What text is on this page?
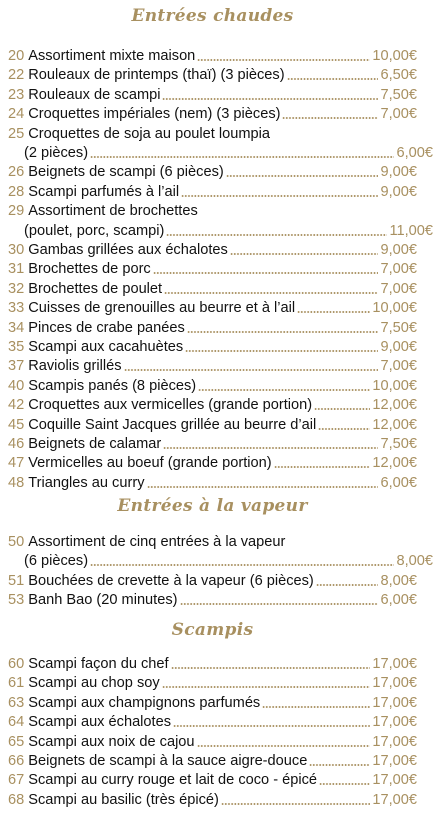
Entrées chaudes
20 Assortiment mixte maison	10,00€
22 Rouleaux de printemps (thaï) (3 pièces)	6,50€
23 Rouleaux de scampi	7,50€
24 Croquettes impériales (nem) (3 pièces)	7,00€
25 Croquettes de soja au poulet loumpia
(2 pièces)	6,00€
26 Beignets de scampi (6 pièces)	9,00€
28 Scampi parfumés à l’ail	9,00€
29 Assortiment de brochettes
(poulet, porc, scampi)	11,00€
30 Gambas grillées aux échalotes	9,00€
31 Brochettes de porc	7,00€
32 Brochettes de poulet	7,00€
33 Cuisses de grenouilles au beurre et à l’ail	10,00€
34 Pinces de crabe panées	7,50€
35 Scampi aux cacahuètes	9,00€
37 Raviolis grillés	7,00€
40 Scampis panés (8 pièces)	10,00€
42 Croquettes aux vermicelles (grande portion)	12,00€
45 Coquille Saint Jacques grillée au beurre d’ail	12,00€
46 Beignets de calamar	7,50€
47 Vermicelles au boeuf (grande portion)	12,00€
48 Triangles au curry	6,00€
Entrées à la vapeur
50 Assortiment de cinq entrées à la vapeur
(6 pièces)	8,00€
51 Bouchées de crevette à la vapeur (6 pièces)	8,00€
53 Banh Bao (20 minutes)	6,00€
Scampis
60 Scampi façon du chef	17,00€
61 Scampi au chop soy	17,00€
63 Scampi aux champignons parfumés	17,00€
64 Scampi aux échalotes	17,00€
65 Scampi aux noix de cajou	17,00€
66 Beignets de scampi à la sauce aigre-douce	17,00€
67 Scampi au curry rouge et lait de coco - épicé	17,00€
68 Scampi au basilic (très épicé)	17,00€
